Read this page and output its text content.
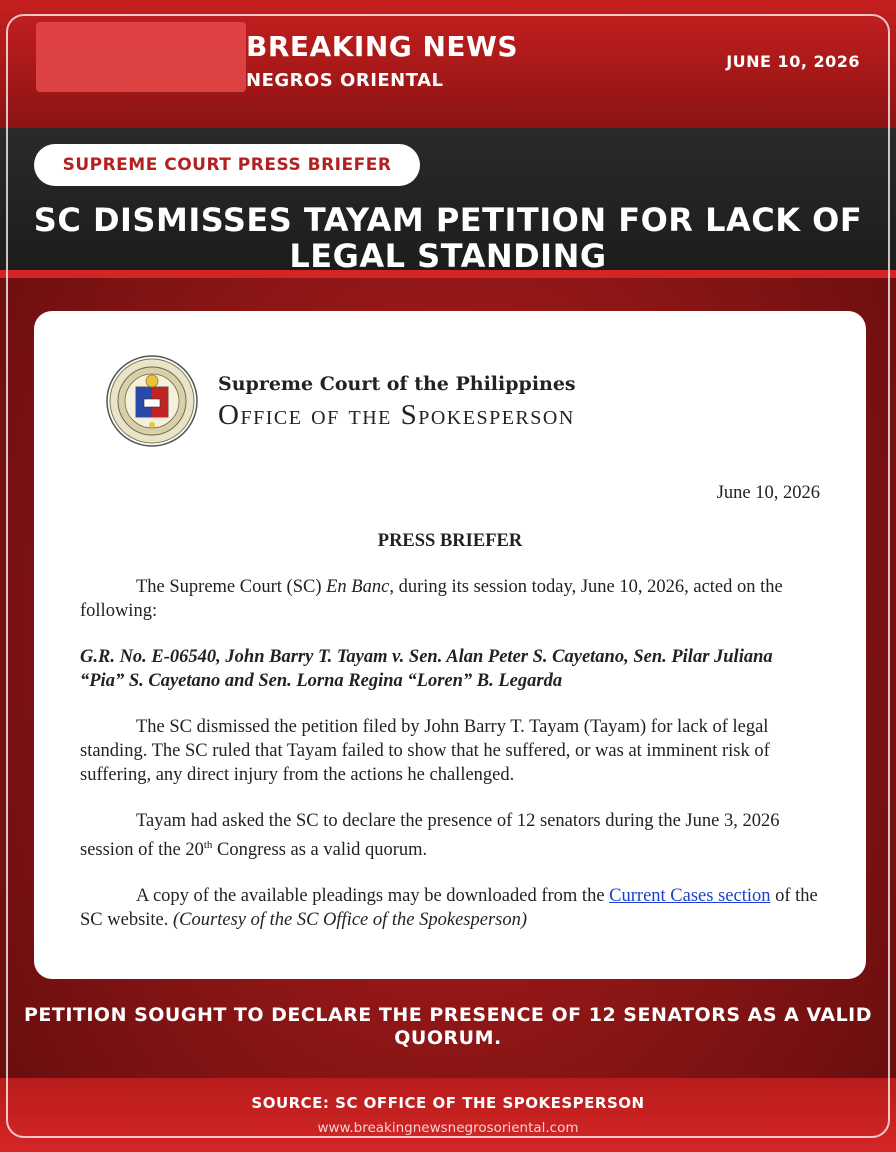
BREAKING NEWS
NEGROS ORIENTAL
JUNE 10, 2026
SUPREME COURT PRESS BRIEFER
SC DISMISSES TAYAM PETITION FOR LACK OF LEGAL STANDING
Supreme Court of the Philippines
Office of the Spokesperson
June 10, 2026
PRESS BRIEFER
The Supreme Court (SC) En Banc, during its session today, June 10, 2026, acted on the following:
G.R. No. E-06540, John Barry T. Tayam v. Sen. Alan Peter S. Cayetano, Sen. Pilar Juliana “Pia” S. Cayetano and Sen. Lorna Regina “Loren” B. Legarda
The SC dismissed the petition filed by John Barry T. Tayam (Tayam) for lack of legal standing. The SC ruled that Tayam failed to show that he suffered, or was at imminent risk of suffering, any direct injury from the actions he challenged.
Tayam had asked the SC to declare the presence of 12 senators during the June 3, 2026 session of the 20th Congress as a valid quorum.
A copy of the available pleadings may be downloaded from the Current Cases section of the SC website. (Courtesy of the SC Office of the Spokesperson)
PETITION SOUGHT TO DECLARE THE PRESENCE OF 12 SENATORS AS A VALID QUORUM.
SOURCE: SC OFFICE OF THE SPOKESPERSON
www.breakingnewsnegrosoriental.com
